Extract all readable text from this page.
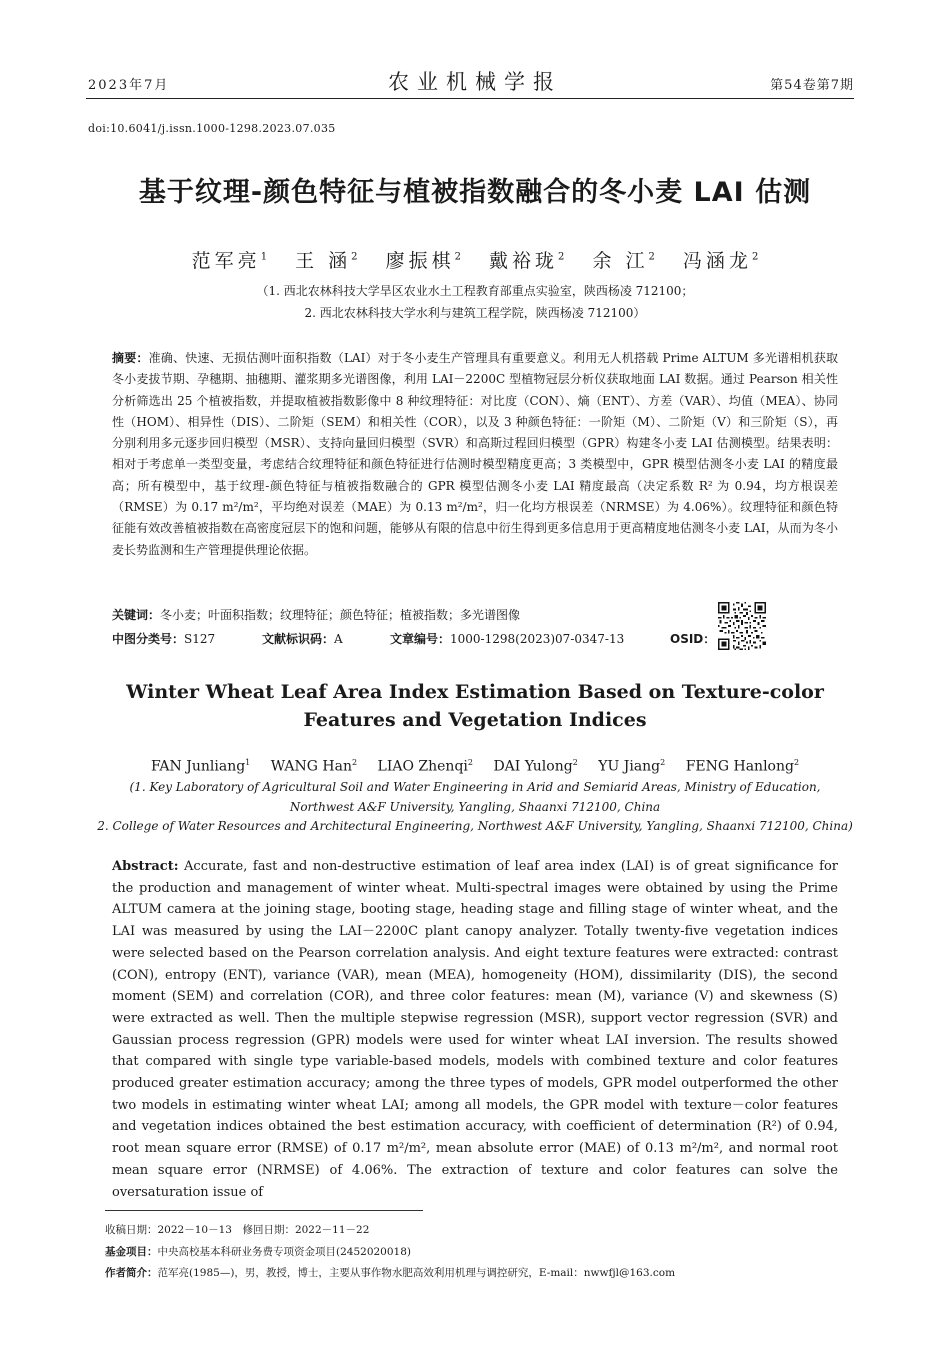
2023年7月	农业机械学报	第54卷第7期
doi:10.6041/j.issn.1000-1298.2023.07.035
基于纹理-颜色特征与植被指数融合的冬小麦 LAI 估测
范军亮$^1$ 王 涵$^2$ 廖振棋$^2$ 戴裕珑$^2$ 余 江$^2$ 冯涵龙$^2$
（1. 西北农林科技大学旱区农业水土工程教育部重点实验室，陕西杨凌 712100；
2. 西北农林科技大学水利与建筑工程学院，陕西杨凌 712100）
摘要：准确、快速、无损估测叶面积指数（LAI）对于冬小麦生产管理具有重要意义。利用无人机搭载 Prime ALTUM 多光谱相机获取冬小麦拔节期、孕穗期、抽穗期、灌浆期多光谱图像，利用 LAI－2200C 型植物冠层分析仪获取地面 LAI 数据。通过 Pearson 相关性分析筛选出 25 个植被指数，并提取植被指数影像中 8 种纹理特征：对比度（CON）、熵（ENT）、方差（VAR）、均值（MEA）、协同性（HOM）、相异性（DIS）、二阶矩（SEM）和相关性（COR），以及 3 种颜色特征：一阶矩（M）、二阶矩（V）和三阶矩（S），再分别利用多元逐步回归模型（MSR）、支持向量回归模型（SVR）和高斯过程回归模型（GPR）构建冬小麦 LAI 估测模型。结果表明：相对于考虑单一类型变量，考虑结合纹理特征和颜色特征进行估测时模型精度更高；3 类模型中，GPR 模型估测冬小麦 LAI 的精度最高；所有模型中，基于纹理-颜色特征与植被指数融合的 GPR 模型估测冬小麦 LAI 精度最高（决定系数 R² 为 0.94，均方根误差（RMSE）为 0.17 m²/m²，平均绝对误差（MAE）为 0.13 m²/m²，归一化均方根误差（NRMSE）为 4.06%）。纹理特征和颜色特征能有效改善植被指数在高密度冠层下的饱和问题，能够从有限的信息中衍生得到更多信息用于更高精度地估测冬小麦 LAI，从而为冬小麦长势监测和生产管理提供理论依据。
关键词：冬小麦；叶面积指数；纹理特征；颜色特征；植被指数；多光谱图像
中图分类号：S127	文献标识码：A	文章编号：1000-1298(2023)07-0347-13	OSID：
Winter Wheat Leaf Area Index Estimation Based on Texture-color
Features and Vegetation Indices
FAN Junliang$^1$ WANG Han$^2$ LIAO Zhenqi$^2$ DAI Yulong$^2$ YU Jiang$^2$ FENG Hanlong$^2$
(1. Key Laboratory of Agricultural Soil and Water Engineering in Arid and Semiarid Areas, Ministry of Education,
Northwest A&F University, Yangling, Shaanxi 712100, China
2. College of Water Resources and Architectural Engineering, Northwest A&F University, Yangling, Shaanxi 712100, China)
Abstract: Accurate, fast and non-destructive estimation of leaf area index (LAI) is of great significance for the production and management of winter wheat. Multi-spectral images were obtained by using the Prime ALTUM camera at the joining stage, booting stage, heading stage and filling stage of winter wheat, and the LAI was measured by using the LAI－2200C plant canopy analyzer. Totally twenty-five vegetation indices were selected based on the Pearson correlation analysis. And eight texture features were extracted: contrast (CON), entropy (ENT), variance (VAR), mean (MEA), homogeneity (HOM), dissimilarity (DIS), the second moment (SEM) and correlation (COR), and three color features: mean (M), variance (V) and skewness (S) were extracted as well. Then the multiple stepwise regression (MSR), support vector regression (SVR) and Gaussian process regression (GPR) models were used for winter wheat LAI inversion. The results showed that compared with single type variable-based models, models with combined texture and color features produced greater estimation accuracy; among the three types of models, GPR model outperformed the other two models in estimating winter wheat LAI; among all models, the GPR model with texture－color features and vegetation indices obtained the best estimation accuracy, with coefficient of determination (R²) of 0.94, root mean square error (RMSE) of 0.17 m²/m², mean absolute error (MAE) of 0.13 m²/m², and normal root mean square error (NRMSE) of 4.06%. The extraction of texture and color features can solve the oversaturation issue of
收稿日期：2022－10－13　修回日期：2022－11－22
基金项目：中央高校基本科研业务费专项资金项目(2452020018)
作者简介：范军亮(1985—)，男，教授，博士，主要从事作物水肥高效利用机理与调控研究，E-mail：nwwfjl@163.com
